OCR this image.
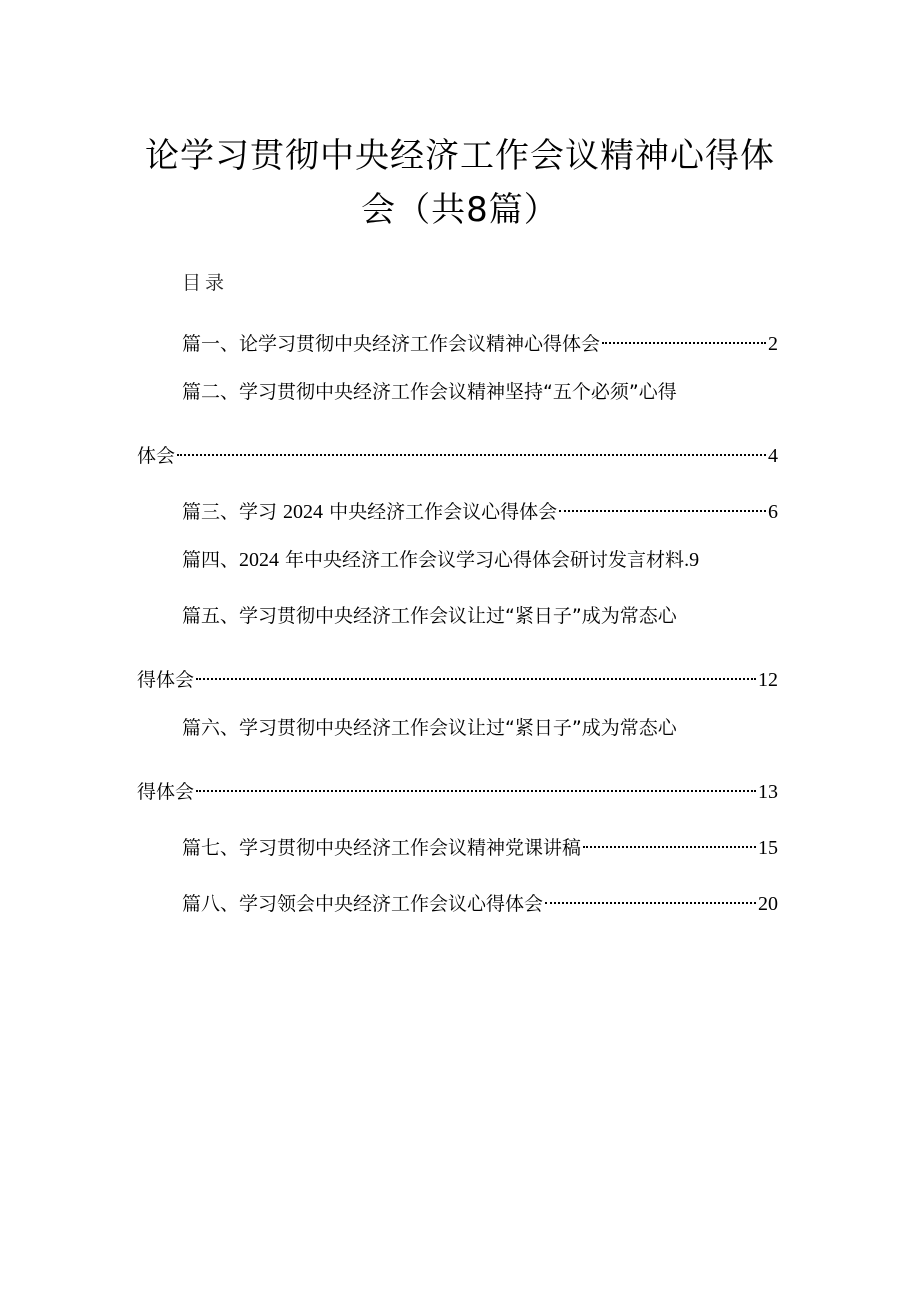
论学习贯彻中央经济工作会议精神心得体
会（共8篇）
目录
篇一、论学习贯彻中央经济工作会议精神心得体会	2
篇二、学习贯彻中央经济工作会议精神坚持“五个必须”心得
体会	4
篇三、学习 2024 中央经济工作会议心得体会	6
篇四、2024 年中央经济工作会议学习心得体会研讨发言材料 .9
篇五、学习贯彻中央经济工作会议让过“紧日子”成为常态心
得体会	12
篇六、学习贯彻中央经济工作会议让过“紧日子”成为常态心
得体会	13
篇七、学习贯彻中央经济工作会议精神党课讲稿	15
篇八、学习领会中央经济工作会议心得体会	20
